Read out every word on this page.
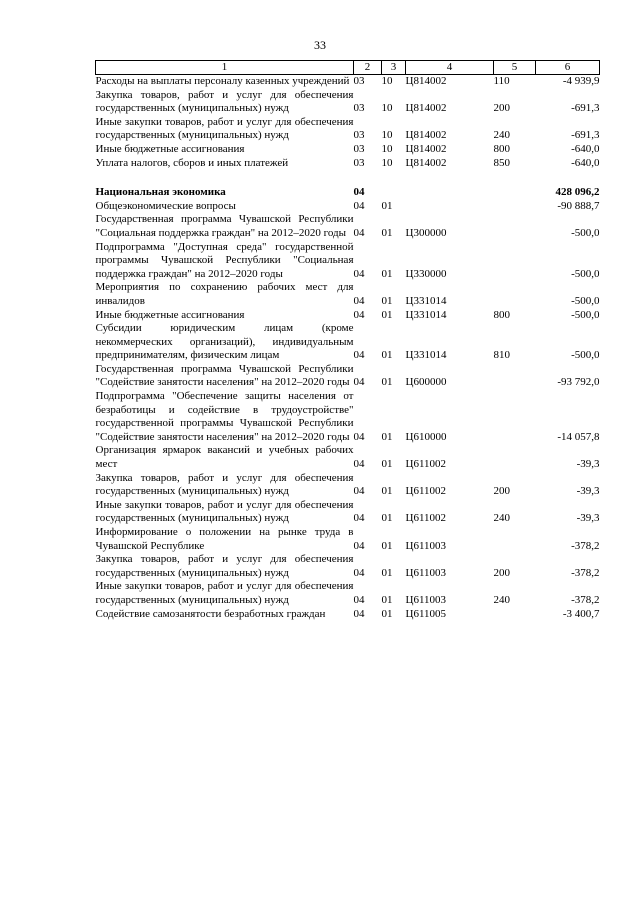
33
1	2	3	4	5	6
Расходы на выплаты персоналу казенных учреждений	03	10	Ц814002	110	-4 939,9
Закупка товаров, работ и услуг для обеспечения государственных (муниципальных) нужд	03	10	Ц814002	200	-691,3
Иные закупки товаров, работ и услуг для обеспечения государственных (муниципальных) нужд	03	10	Ц814002	240	-691,3
Иные бюджетные ассигнования	03	10	Ц814002	800	-640,0
Уплата налогов, сборов и иных платежей	03	10	Ц814002	850	-640,0

Национальная экономика	04				428 096,2
Общеэкономические вопросы	04	01			-90 888,7
Государственная программа Чувашской Республики "Социальная поддержка граждан" на 2012–2020 годы	04	01	Ц300000		-500,0
Подпрограмма "Доступная среда" государственной программы Чувашской Республики "Социальная поддержка граждан" на 2012–2020 годы	04	01	Ц330000		-500,0
Мероприятия по сохранению рабочих мест для инвалидов	04	01	Ц331014		-500,0
Иные бюджетные ассигнования	04	01	Ц331014	800	-500,0
Субсидии юридическим лицам (кроме некоммерческих организаций), индивидуальным предпринимателям, физическим лицам	04	01	Ц331014	810	-500,0
Государственная программа Чувашской Республики "Содействие занятости населения" на 2012–2020 годы	04	01	Ц600000		-93 792,0
Подпрограмма "Обеспечение защиты населения от безработицы и содействие в трудоустройстве" государственной программы Чувашской Республики "Содействие занятости населения" на 2012–2020 годы	04	01	Ц610000		-14 057,8
Организация ярмарок вакансий и учебных рабочих мест	04	01	Ц611002		-39,3
Закупка товаров, работ и услуг для обеспечения государственных (муниципальных) нужд	04	01	Ц611002	200	-39,3
Иные закупки товаров, работ и услуг для обеспечения государственных (муниципальных) нужд	04	01	Ц611002	240	-39,3
Информирование о положении на рынке труда в Чувашской Республике	04	01	Ц611003		-378,2
Закупка товаров, работ и услуг для обеспечения государственных (муниципальных) нужд	04	01	Ц611003	200	-378,2
Иные закупки товаров, работ и услуг для обеспечения государственных (муниципальных) нужд	04	01	Ц611003	240	-378,2
Содействие самозанятости безработных граждан	04	01	Ц611005		-3 400,7
